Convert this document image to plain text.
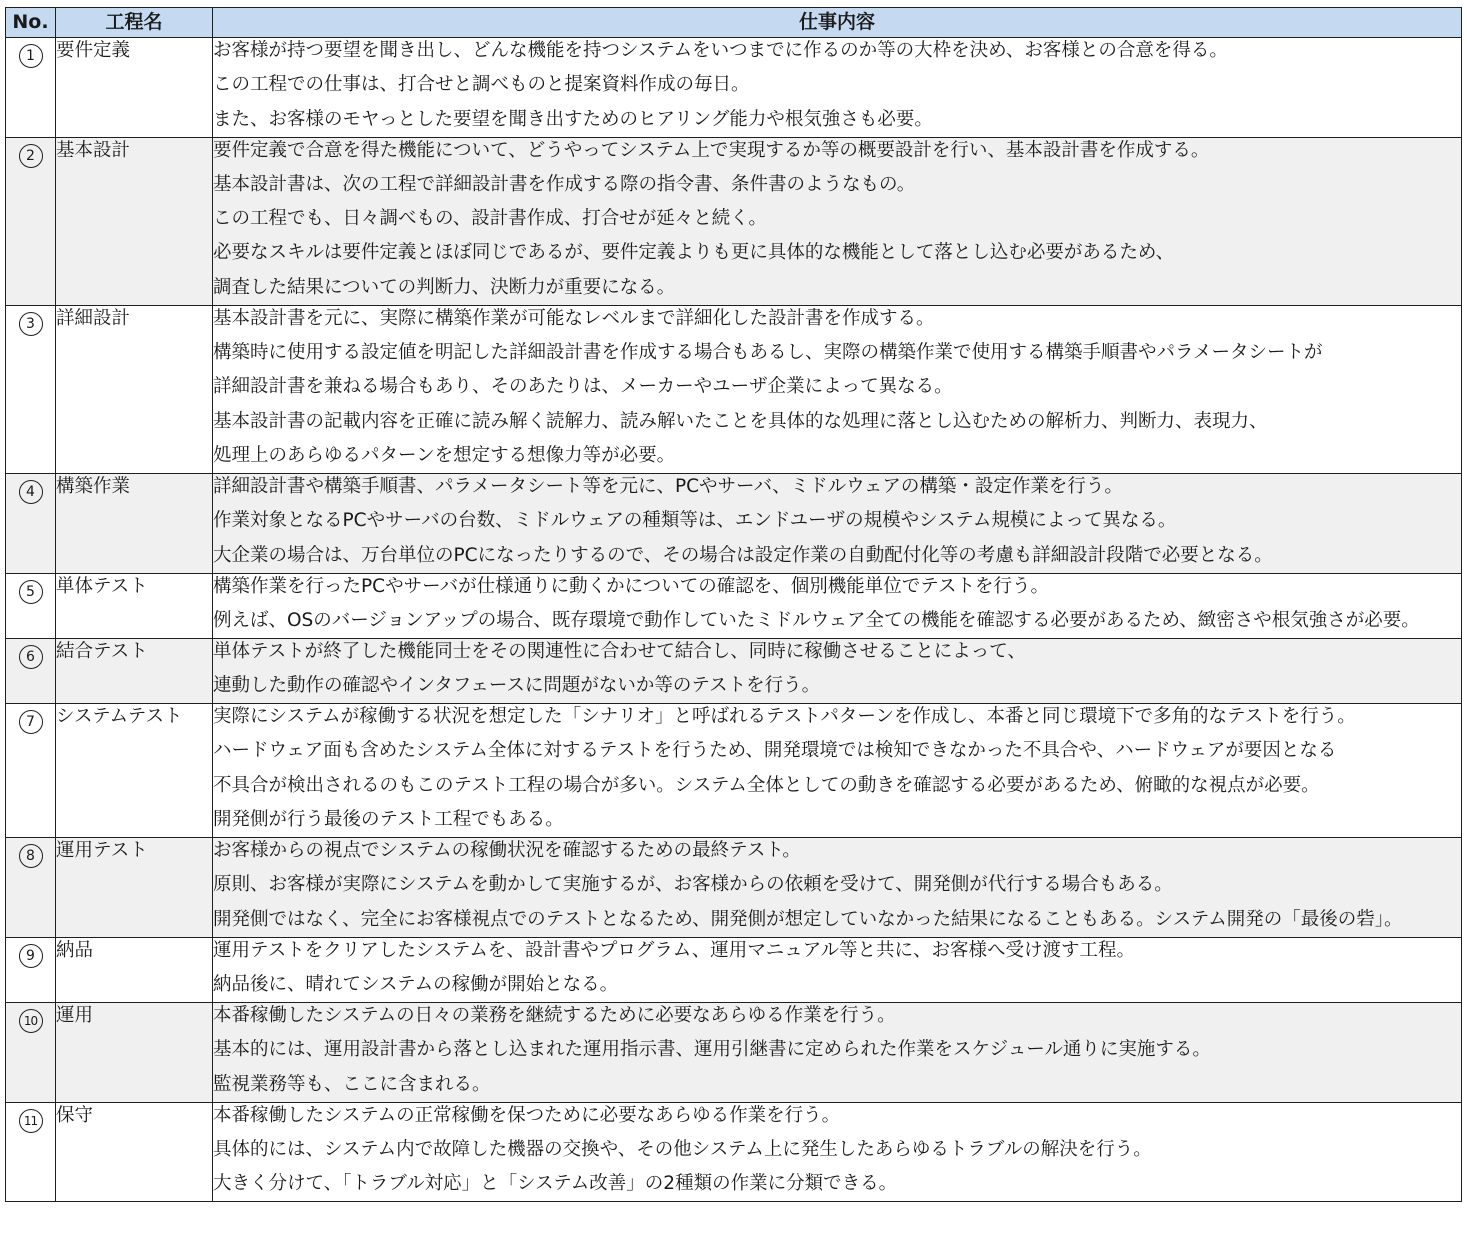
No.	工程名	仕事内容
1	要件定義	お客様が持つ要望を聞き出し、どんな機能を持つシステムをいつまでに作るのか等の大枠を決め、お客様との合意を得る。
この工程での仕事は、打合せと調べものと提案資料作成の毎日。
また、お客様のモヤっとした要望を聞き出すためのヒアリング能力や根気強さも必要。

2	基本設計	要件定義で合意を得た機能について、どうやってシステム上で実現するか等の概要設計を行い、基本設計書を作成する。
基本設計書は、次の工程で詳細設計書を作成する際の指令書、条件書のようなもの。
この工程でも、日々調べもの、設計書作成、打合せが延々と続く。
必要なスキルは要件定義とほぼ同じであるが、要件定義よりも更に具体的な機能として落とし込む必要があるため、
調査した結果についての判断力、決断力が重要になる。

3	詳細設計	基本設計書を元に、実際に構築作業が可能なレベルまで詳細化した設計書を作成する。
構築時に使用する設定値を明記した詳細設計書を作成する場合もあるし、実際の構築作業で使用する構築手順書やパラメータシートが
詳細設計書を兼ねる場合もあり、そのあたりは、メーカーやユーザ企業によって異なる。
基本設計書の記載内容を正確に読み解く読解力、読み解いたことを具体的な処理に落とし込むための解析力、判断力、表現力、
処理上のあらゆるパターンを想定する想像力等が必要。

4	構築作業	詳細設計書や構築手順書、パラメータシート等を元に、PCやサーバ、ミドルウェアの構築・設定作業を行う。
作業対象となるPCやサーバの台数、ミドルウェアの種類等は、エンドユーザの規模やシステム規模によって異なる。
大企業の場合は、万台単位のPCになったりするので、その場合は設定作業の自動配付化等の考慮も詳細設計段階で必要となる。

5	単体テスト	構築作業を行ったPCやサーバが仕様通りに動くかについての確認を、個別機能単位でテストを行う。
例えば、OSのバージョンアップの場合、既存環境で動作していたミドルウェア全ての機能を確認する必要があるため、緻密さや根気強さが必要。

6	結合テスト	単体テストが終了した機能同士をその関連性に合わせて結合し、同時に稼働させることによって、
連動した動作の確認やインタフェースに問題がないか等のテストを行う。

7	システムテスト	実際にシステムが稼働する状況を想定した「シナリオ」と呼ばれるテストパターンを作成し、本番と同じ環境下で多角的なテストを行う。
ハードウェア面も含めたシステム全体に対するテストを行うため、開発環境では検知できなかった不具合や、ハードウェアが要因となる
不具合が検出されるのもこのテスト工程の場合が多い。システム全体としての動きを確認する必要があるため、俯瞰的な視点が必要。
開発側が行う最後のテスト工程でもある。

8	運用テスト	お客様からの視点でシステムの稼働状況を確認するための最終テスト。
原則、お客様が実際にシステムを動かして実施するが、お客様からの依頼を受けて、開発側が代行する場合もある。
開発側ではなく、完全にお客様視点でのテストとなるため、開発側が想定していなかった結果になることもある。システム開発の「最後の砦」。

9	納品	運用テストをクリアしたシステムを、設計書やプログラム、運用マニュアル等と共に、お客様へ受け渡す工程。
納品後に、晴れてシステムの稼働が開始となる。

10	運用	本番稼働したシステムの日々の業務を継続するために必要なあらゆる作業を行う。
基本的には、運用設計書から落とし込まれた運用指示書、運用引継書に定められた作業をスケジュール通りに実施する。
監視業務等も、ここに含まれる。

11	保守	本番稼働したシステムの正常稼働を保つために必要なあらゆる作業を行う。
具体的には、システム内で故障した機器の交換や、その他システム上に発生したあらゆるトラブルの解決を行う。
大きく分けて、「トラブル対応」と「システム改善」の2種類の作業に分類できる。
